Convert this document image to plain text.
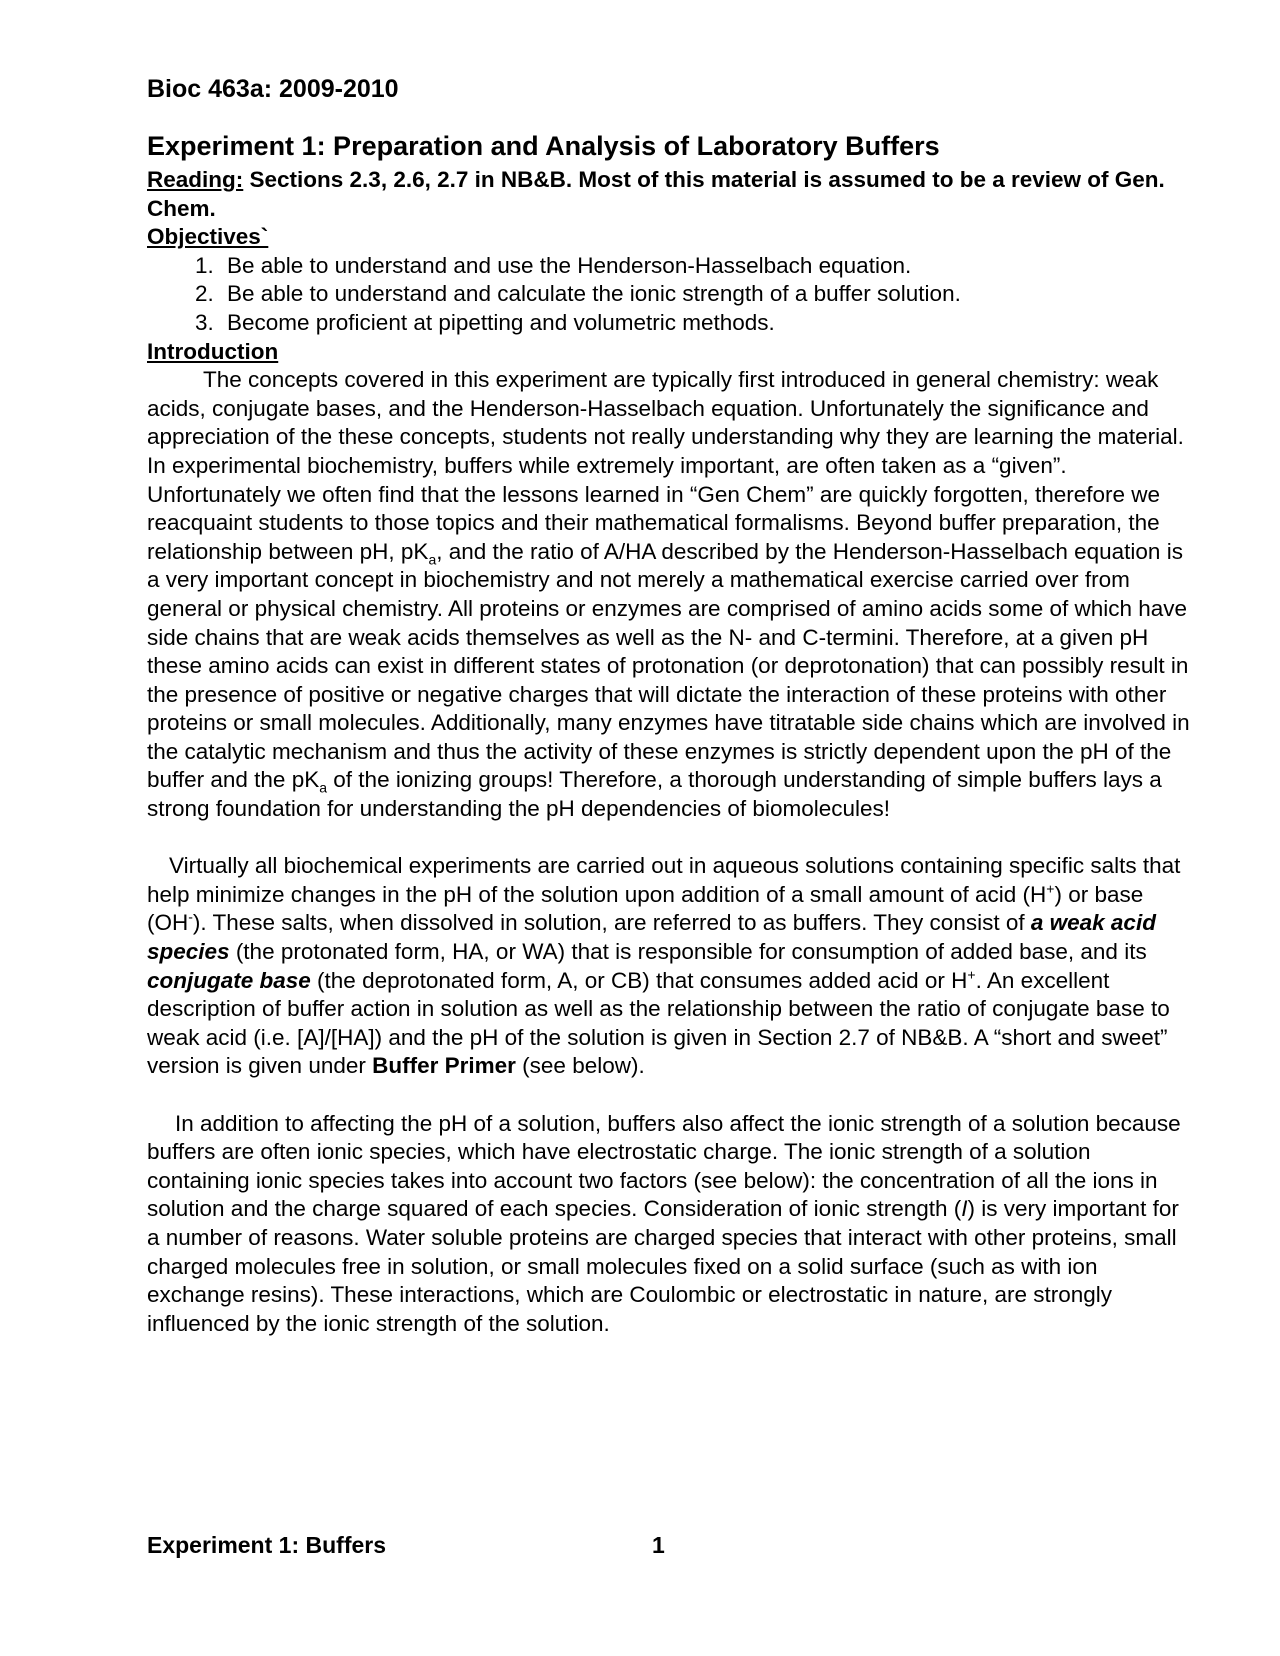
Bioc 463a: 2009-2010
Experiment 1: Preparation and Analysis of Laboratory Buffers

Reading: Sections 2.3, 2.6, 2.7 in NB&B. Most of this material is assumed to be a review of Gen. Chem.

Objectives`
1. Be able to understand and use the Henderson-Hasselbach equation.
2. Be able to understand and calculate the ionic strength of a buffer solution.
3. Become proficient at pipetting and volumetric methods.
Introduction

The concepts covered in this experiment are typically first introduced in general chemistry: weak acids, conjugate bases, and the Henderson-Hasselbach equation. Unfortunately the significance and appreciation of the these concepts, students not really understanding why they are learning the material. In experimental biochemistry, buffers while extremely important, are often taken as a “given”. Unfortunately we often find that the lessons learned in “Gen Chem” are quickly forgotten, therefore we reacquaint students to those topics and their mathematical formalisms. Beyond buffer preparation, the relationship between pH, $pK_a$, and the ratio of A/HA described by the Henderson-Hasselbach equation is a very important concept in biochemistry and not merely a mathematical exercise carried over from general or physical chemistry. All proteins or enzymes are comprised of amino acids some of which have side chains that are weak acids themselves as well as the N- and C-termini. Therefore, at a given pH these amino acids can exist in different states of protonation (or deprotonation) that can possibly result in the presence of positive or negative charges that will dictate the interaction of these proteins with other proteins or small molecules. Additionally, many enzymes have titratable side chains which are involved in the catalytic mechanism and thus the activity of these enzymes is strictly dependent upon the pH of the buffer and the $pK_a$ of the ionizing groups! Therefore, a thorough understanding of simple buffers lays a strong foundation for understanding the pH dependencies of biomolecules!

Virtually all biochemical experiments are carried out in aqueous solutions containing specific salts that help minimize changes in the pH of the solution upon addition of a small amount of acid (H+) or base (OH-). These salts, when dissolved in solution, are referred to as buffers. They consist of a weak acid species (the protonated form, HA, or WA) that is responsible for consumption of added base, and its conjugate base (the deprotonated form, A, or CB) that consumes added acid or H+. An excellent description of buffer action in solution as well as the relationship between the ratio of conjugate base to weak acid (i.e. [A]/[HA]) and the pH of the solution is given in Section 2.7 of NB&B. A “short and sweet” version is given under Buffer Primer (see below).

In addition to affecting the pH of a solution, buffers also affect the ionic strength of a solution because buffers are often ionic species, which have electrostatic charge. The ionic strength of a solution containing ionic species takes into account two factors (see below): the concentration of all the ions in solution and the charge squared of each species. Consideration of ionic strength (I) is very important for a number of reasons. Water soluble proteins are charged species that interact with other proteins, small charged molecules free in solution, or small molecules fixed on a solid surface (such as with ion exchange resins). These interactions, which are Coulombic or electrostatic in nature, are strongly influenced by the ionic strength of the solution.

Experiment 1: Buffers	1
